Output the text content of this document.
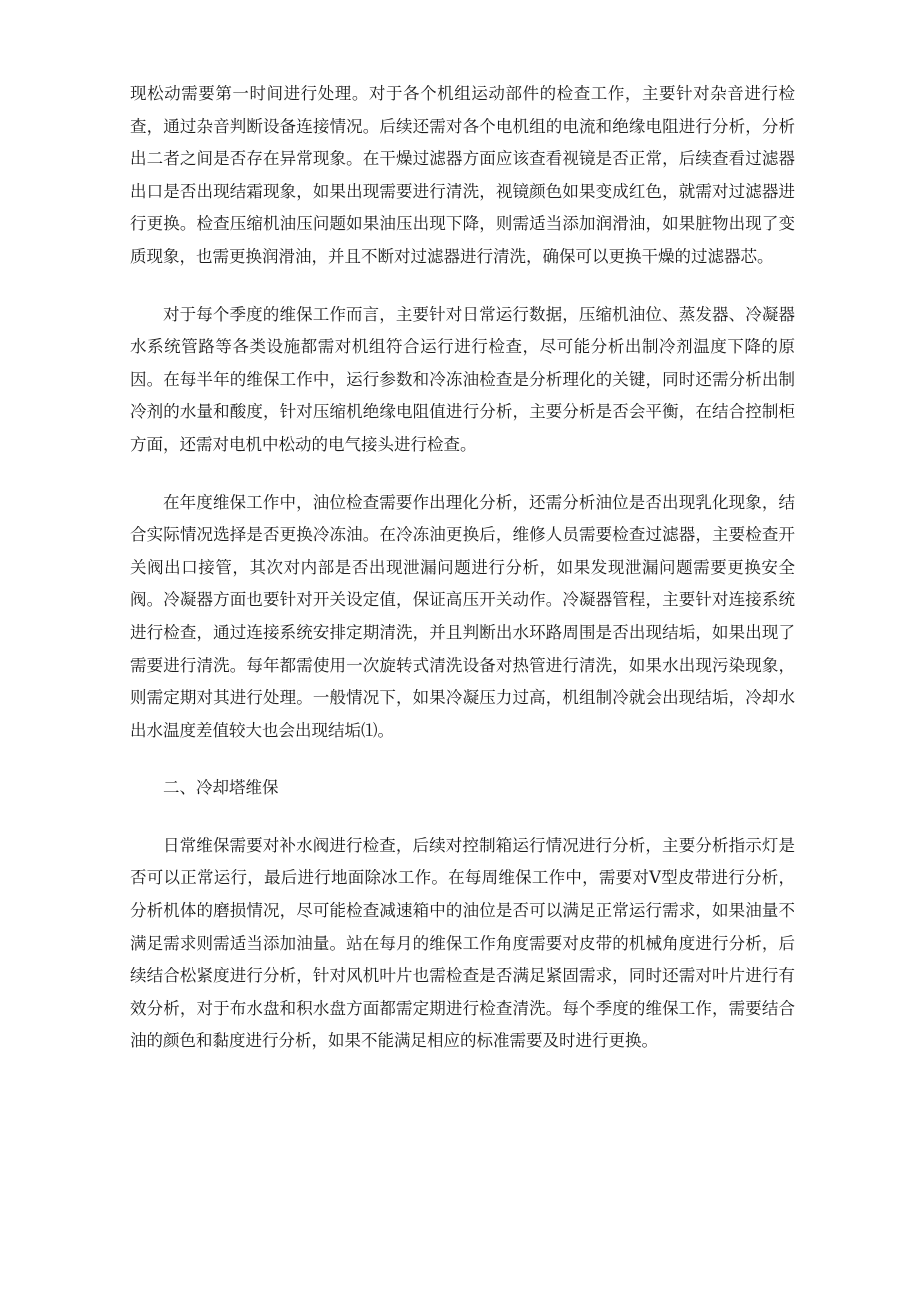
现松动需要第一时间进行处理。对于各个机组运动部件的检查工作，主要针对杂音进行检查，通过杂音判断设备连接情况。后续还需对各个电机组的电流和绝缘电阻进行分析，分析出二者之间是否存在异常现象。在干燥过滤器方面应该查看视镜是否正常，后续查看过滤器出口是否出现结霜现象，如果出现需要进行清洗，视镜颜色如果变成红色，就需对过滤器进行更换。检查压缩机油压问题如果油压出现下降，则需适当添加润滑油，如果脏物出现了变质现象，也需更换润滑油，并且不断对过滤器进行清洗，确保可以更换干燥的过滤器芯。

对于每个季度的维保工作而言，主要针对日常运行数据，压缩机油位、蒸发器、冷凝器水系统管路等各类设施都需对机组符合运行进行检查，尽可能分析出制冷剂温度下降的原因。在每半年的维保工作中，运行参数和冷冻油检查是分析理化的关键，同时还需分析出制冷剂的水量和酸度，针对压缩机绝缘电阻值进行分析，主要分析是否会平衡，在结合控制柜方面，还需对电机中松动的电气接头进行检查。

在年度维保工作中，油位检查需要作出理化分析，还需分析油位是否出现乳化现象，结合实际情况选择是否更换冷冻油。在冷冻油更换后，维修人员需要检查过滤器，主要检查开关阀出口接管，其次对内部是否出现泄漏问题进行分析，如果发现泄漏问题需要更换安全阀。冷凝器方面也要针对开关设定值，保证高压开关动作。冷凝器管程，主要针对连接系统进行检查，通过连接系统安排定期清洗，并且判断出水环路周围是否出现结垢，如果出现了需要进行清洗。每年都需使用一次旋转式清洗设备对热管进行清洗，如果水出现污染现象，则需定期对其进行处理。一般情况下，如果冷凝压力过高，机组制冷就会出现结垢，冷却水出水温度差值较大也会出现结垢⑴。

二、冷却塔维保

日常维保需要对补水阀进行检查，后续对控制箱运行情况进行分析，主要分析指示灯是否可以正常运行，最后进行地面除冰工作。在每周维保工作中，需要对Ⅴ型皮带进行分析，分析机体的磨损情况，尽可能检查减速箱中的油位是否可以满足正常运行需求，如果油量不满足需求则需适当添加油量。站在每月的维保工作角度需要对皮带的机械角度进行分析，后续结合松紧度进行分析，针对风机叶片也需检查是否满足紧固需求，同时还需对叶片进行有效分析，对于布水盘和积水盘方面都需定期进行检查清洗。每个季度的维保工作，需要结合油的颜色和黏度进行分析，如果不能满足相应的标准需要及时进行更换。
